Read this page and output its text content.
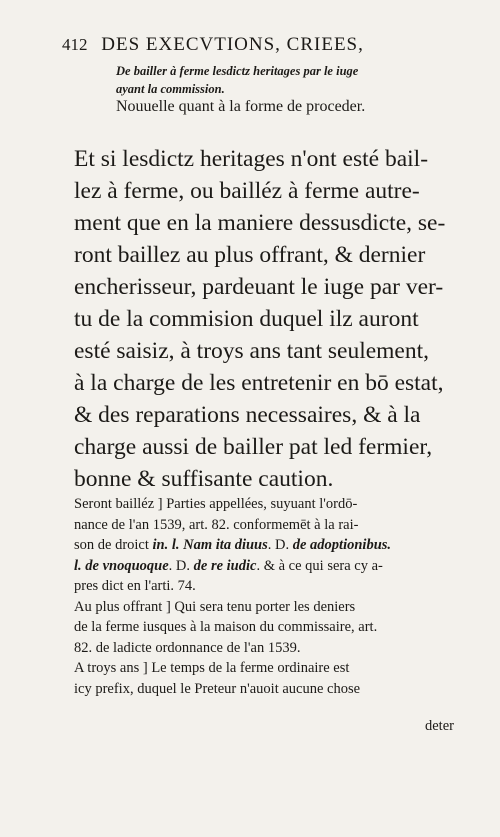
412 DES EXECVTIONS, CRIEES,
De bailler à ferme lesdictz heritages par le iuge
ayant la commission.
Nouuelle quant à la forme de proceder.
Et si lesdictz heritages n'ont esté bail-
lez à ferme, ou bailléz à ferme autre-
ment que en la maniere dessusdicte, se-
ront baillez au plus offrant, & dernier
encherisseur, pardeuant le iuge par ver-
tu de la commision duquel ilz auront
esté saisiz, à troys ans tant seulement,
à la charge de les entretenir en bō estat,
& des reparations necessaires, & à la
charge aussi de bailler pat led fermier,
bonne & suffisante caution.
Seront bailléz ] Parties appellées, suyuant l'ordō-
nance de l'an 1539, art. 82. conformemēt à la rai-
son de droict in. l. Nam ita diuus. D. de adoptionibus.
l. de vnoquoque. D. de re iudic. & à ce qui sera cy a-
pres dict en l'arti. 74.
Au plus offrant ] Qui sera tenu porter les deniers
de la ferme iusques à la maison du commissaire, art.
82. de ladicte ordonnance de l'an 1539.
A troys ans ] Le temps de la ferme ordinaire est
icy prefix, duquel le Preteur n'auoit aucune chose
deter
